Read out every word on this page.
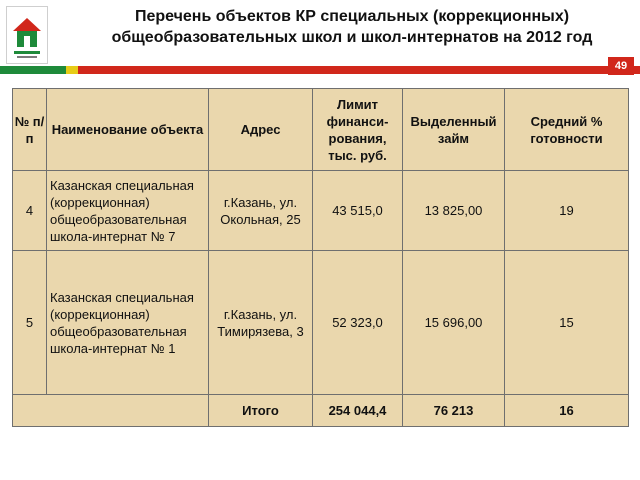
Перечень объектов КР специальных (коррекционных)
общеобразовательных школ и школ-интернатов на 2012 год
49
№ п/п	Наименование объекта	Адрес	Лимит финанси-рования, тыс. руб.	Выделенный займ	Средний % готовности
4	Казанская специальная (коррекционная) общеобразовательная школа-интернат № 7	г.Казань, ул. Окольная, 25	43 515,0	13 825,00	19
5	Казанская специальная (коррекционная) общеобразовательная школа-интернат № 1	г.Казань, ул. Тимирязева, 3	52 323,0	15 696,00	15
		Итого	254 044,4	76 213	16
